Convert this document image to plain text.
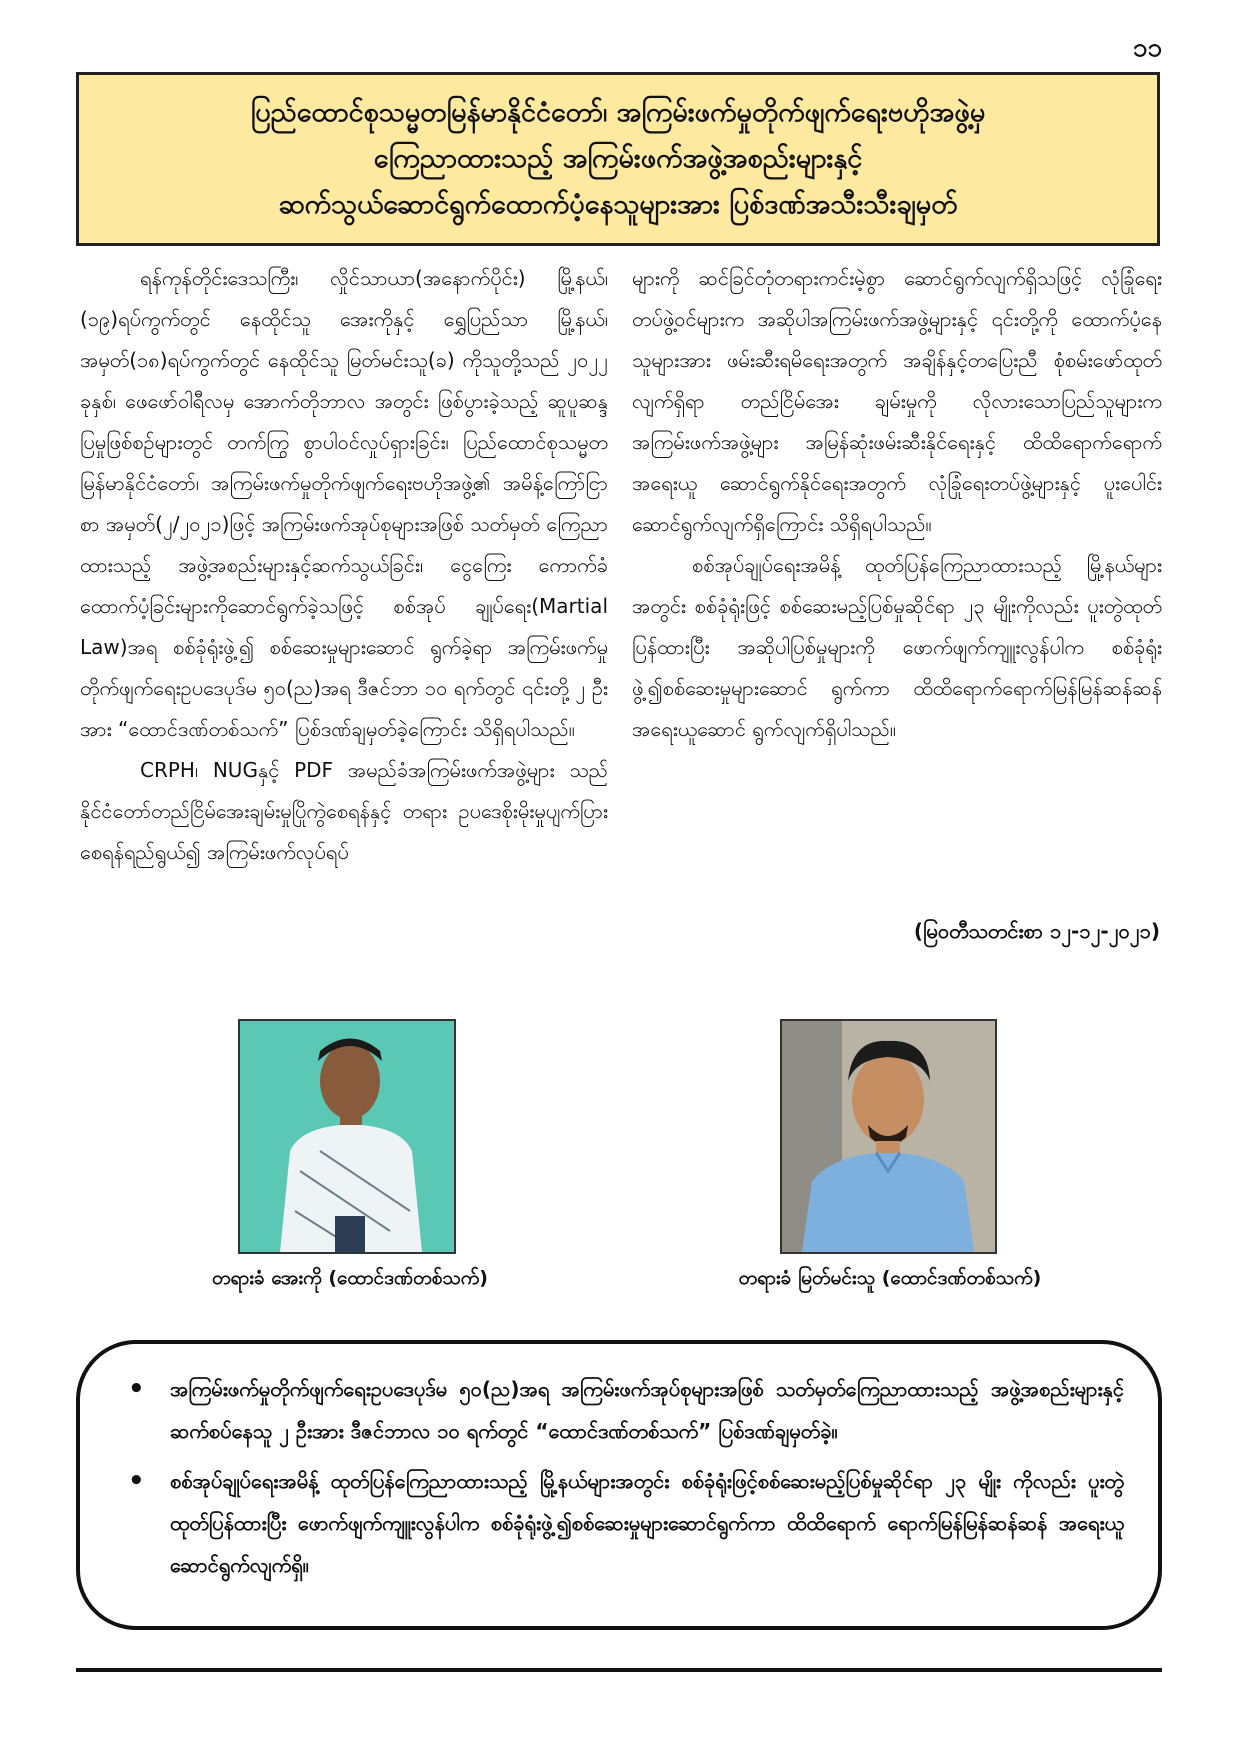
၁၁
ပြည်ထောင်စုသမ္မတမြန်မာနိုင်ငံတော်၊ အကြမ်းဖက်မှုတိုက်ဖျက်ရေးဗဟိုအဖွဲ့မှ
ကြေညာထားသည့် အကြမ်းဖက်အဖွဲ့အစည်းများနှင့်
ဆက်သွယ်ဆောင်ရွက်ထောက်ပံ့နေသူများအား ပြစ်ဒဏ်အသီးသီးချမှတ်

ရန်ကုန်တိုင်းဒေသကြီး၊ လှိုင်သာယာ(အနောက်ပိုင်း) မြို့နယ်၊ (၁၉)ရပ်ကွက်တွင် နေထိုင်သူ အေးကိုနှင့် ရွှေပြည်သာ မြို့နယ်၊ အမှတ်(၁၈)ရပ်ကွက်တွင် နေထိုင်သူ မြတ်မင်းသူ(ခ) ကိုသူတို့သည် ၂၀၂၂ ခုနှစ်၊ ဖေဖော်ဝါရီလမှ အောက်တိုဘာလ အတွင်း ဖြစ်ပွားခဲ့သည့် ဆူပူဆန္ဒပြမှုဖြစ်စဉ်များတွင် တက်ကြွ စွာပါဝင်လှုပ်ရှားခြင်း၊ ပြည်ထောင်စုသမ္မတမြန်မာနိုင်ငံတော်၊ အကြမ်းဖက်မှုတိုက်ဖျက်ရေးဗဟိုအဖွဲ့၏ အမိန့်ကြော်ငြာစာ အမှတ်(၂/၂၀၂၁)ဖြင့် အကြမ်းဖက်အုပ်စုများအဖြစ် သတ်မှတ် ကြေညာထားသည့် အဖွဲ့အစည်းများနှင့်ဆက်သွယ်ခြင်း၊ ငွေကြေး ကောက်ခံထောက်ပံ့ခြင်းများကိုဆောင်ရွက်ခဲ့သဖြင့် စစ်အုပ် ချုပ်ရေး(Martial Law)အရ စစ်ခုံရုံးဖွဲ့၍ စစ်ဆေးမှုများဆောင် ရွက်ခဲ့ရာ အကြမ်းဖက်မှုတိုက်ဖျက်ရေးဥပဒေပုဒ်မ ၅၀(ည)အရ ဒီဇင်ဘာ ၁၀ ရက်တွင် ၎င်းတို့ ၂ ဦးအား “ထောင်ဒဏ်တစ်သက်” ပြစ်ဒဏ်ချမှတ်ခဲ့ကြောင်း သိရှိရပါသည်။

CRPH၊ NUGနှင့် PDF အမည်ခံအကြမ်းဖက်အဖွဲ့များ သည် နိုင်ငံတော်တည်ငြိမ်အေးချမ်းမှုပြိုကွဲစေရန်နှင့် တရား ဥပဒေစိုးမိုးမှုပျက်ပြားစေရန်ရည်ရွယ်၍ အကြမ်းဖက်လုပ်ရပ်

များကို ဆင်ခြင်တုံတရားကင်းမဲ့စွာ ဆောင်ရွက်လျက်ရှိသဖြင့် လုံခြုံရေးတပ်ဖွဲ့ဝင်များက အဆိုပါအကြမ်းဖက်အဖွဲ့များနှင့် ၎င်းတို့ကို ထောက်ပံ့နေသူများအား ဖမ်းဆီးရမိရေးအတွက် အချိန်နှင့်တပြေးညီ စုံစမ်းဖော်ထုတ်လျက်ရှိရာ တည်ငြိမ်အေး ချမ်းမှုကို လိုလားသောပြည်သူများက အကြမ်းဖက်အဖွဲ့များ အမြန်ဆုံးဖမ်းဆီးနိုင်ရေးနှင့် ထိထိရောက်ရောက်အရေးယူ ဆောင်ရွက်နိုင်ရေးအတွက် လုံခြုံရေးတပ်ဖွဲ့များနှင့် ပူးပေါင်း ဆောင်ရွက်လျက်ရှိကြောင်း သိရှိရပါသည်။

စစ်အုပ်ချုပ်ရေးအမိန့် ထုတ်ပြန်ကြေညာထားသည့် မြို့နယ်များအတွင်း စစ်ခုံရုံးဖြင့် စစ်ဆေးမည့်ပြစ်မှုဆိုင်ရာ ၂၃ မျိုးကိုလည်း ပူးတွဲထုတ်ပြန်ထားပြီး အဆိုပါပြစ်မှုများကို ဖောက်ဖျက်ကျူးလွန်ပါက စစ်ခုံရုံးဖွဲ့၍စစ်ဆေးမှုများဆောင် ရွက်ကာ ထိထိရောက်ရောက်မြန်မြန်ဆန်ဆန်အရေးယူဆောင် ရွက်လျက်ရှိပါသည်။

(မြဝတီသတင်းစာ ၁၂-၁၂-၂၀၂၁)
တရားခံ အေးကို (ထောင်ဒဏ်တစ်သက်)	တရားခံ မြတ်မင်းသူ (ထောင်ဒဏ်တစ်သက်)
• အကြမ်းဖက်မှုတိုက်ဖျက်ရေးဥပဒေပုဒ်မ ၅၀(ည)အရ အကြမ်းဖက်အုပ်စုများအဖြစ် သတ်မှတ်ကြေညာထားသည့် အဖွဲ့အစည်းများနှင့် ဆက်စပ်နေသူ ၂ ဦးအား ဒီဇင်ဘာလ ၁၀ ရက်တွင် “ထောင်ဒဏ်တစ်သက်” ပြစ်ဒဏ်ချမှတ်ခဲ့။
• စစ်အုပ်ချုပ်ရေးအမိန့် ထုတ်ပြန်ကြေညာထားသည့် မြို့နယ်များအတွင်း စစ်ခုံရုံးဖြင့်စစ်ဆေးမည့်ပြစ်မှုဆိုင်ရာ ၂၃ မျိုး ကိုလည်း ပူးတွဲထုတ်ပြန်ထားပြီး ဖောက်ဖျက်ကျူးလွန်ပါက စစ်ခုံရုံးဖွဲ့၍စစ်ဆေးမှုများဆောင်ရွက်ကာ ထိထိရောက် ရောက်မြန်မြန်ဆန်ဆန် အရေးယူဆောင်ရွက်လျက်ရှိ။
